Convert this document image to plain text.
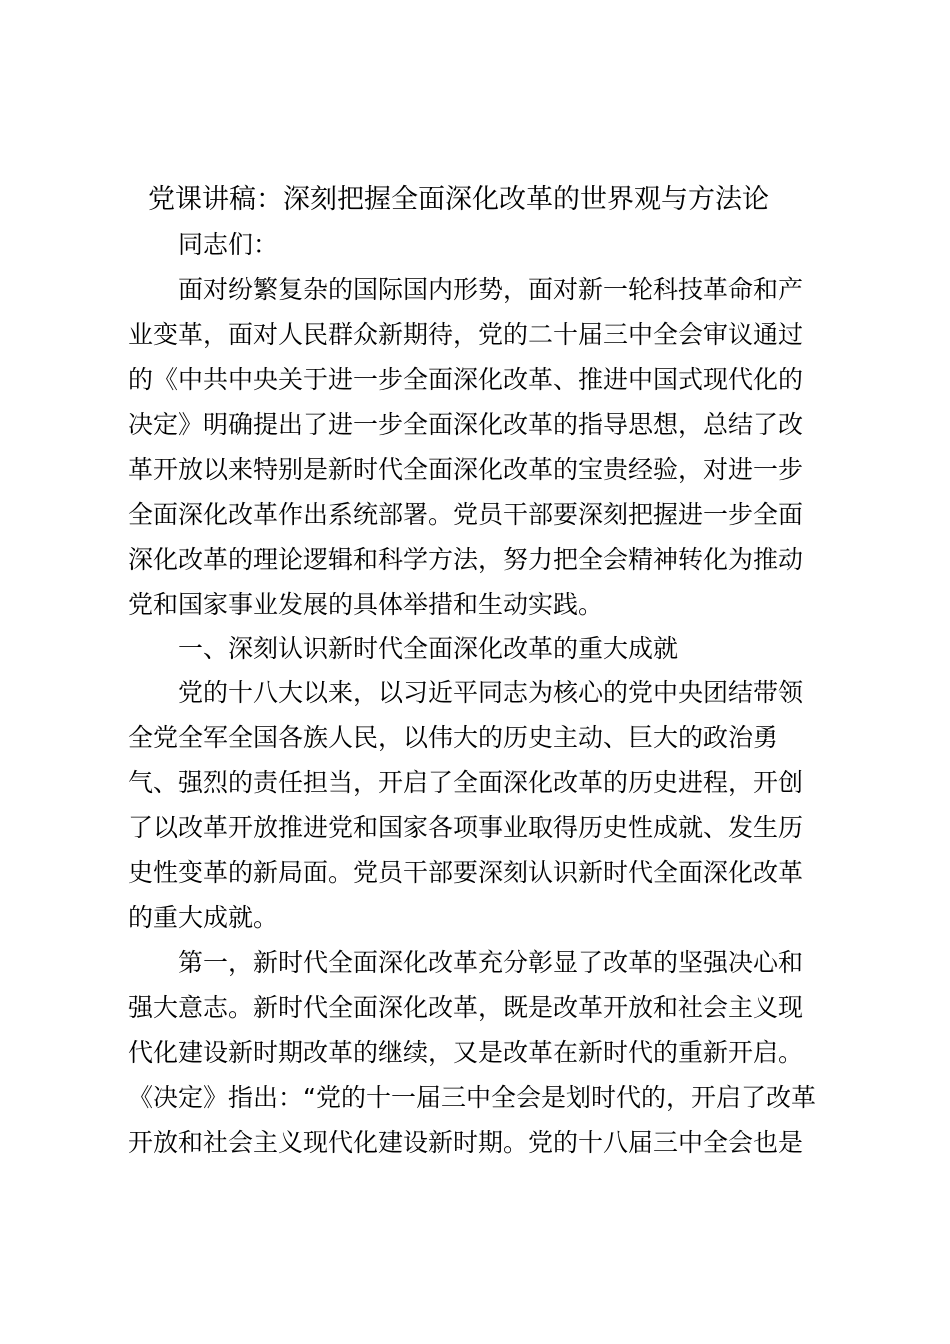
党课讲稿：深刻把握全面深化改革的世界观与方法论
同志们：
面对纷繁复杂的国际国内形势，面对新一轮科技革命和产
业变革，面对人民群众新期待，党的二十届三中全会审议通过
的《中共中央关于进一步全面深化改革、推进中国式现代化的
决定》明确提出了进一步全面深化改革的指导思想，总结了改
革开放以来特别是新时代全面深化改革的宝贵经验，对进一步
全面深化改革作出系统部署。党员干部要深刻把握进一步全面
深化改革的理论逻辑和科学方法，努力把全会精神转化为推动
党和国家事业发展的具体举措和生动实践。
一、深刻认识新时代全面深化改革的重大成就
党的十八大以来，以习近平同志为核心的党中央团结带领
全党全军全国各族人民，以伟大的历史主动、巨大的政治勇
气、强烈的责任担当，开启了全面深化改革的历史进程，开创
了以改革开放推进党和国家各项事业取得历史性成就、发生历
史性变革的新局面。党员干部要深刻认识新时代全面深化改革
的重大成就。
第一，新时代全面深化改革充分彰显了改革的坚强决心和
强大意志。新时代全面深化改革，既是改革开放和社会主义现
代化建设新时期改革的继续，又是改革在新时代的重新开启。
《决定》指出：“党的十一届三中全会是划时代的，开启了改革
开放和社会主义现代化建设新时期。党的十八届三中全会也是
